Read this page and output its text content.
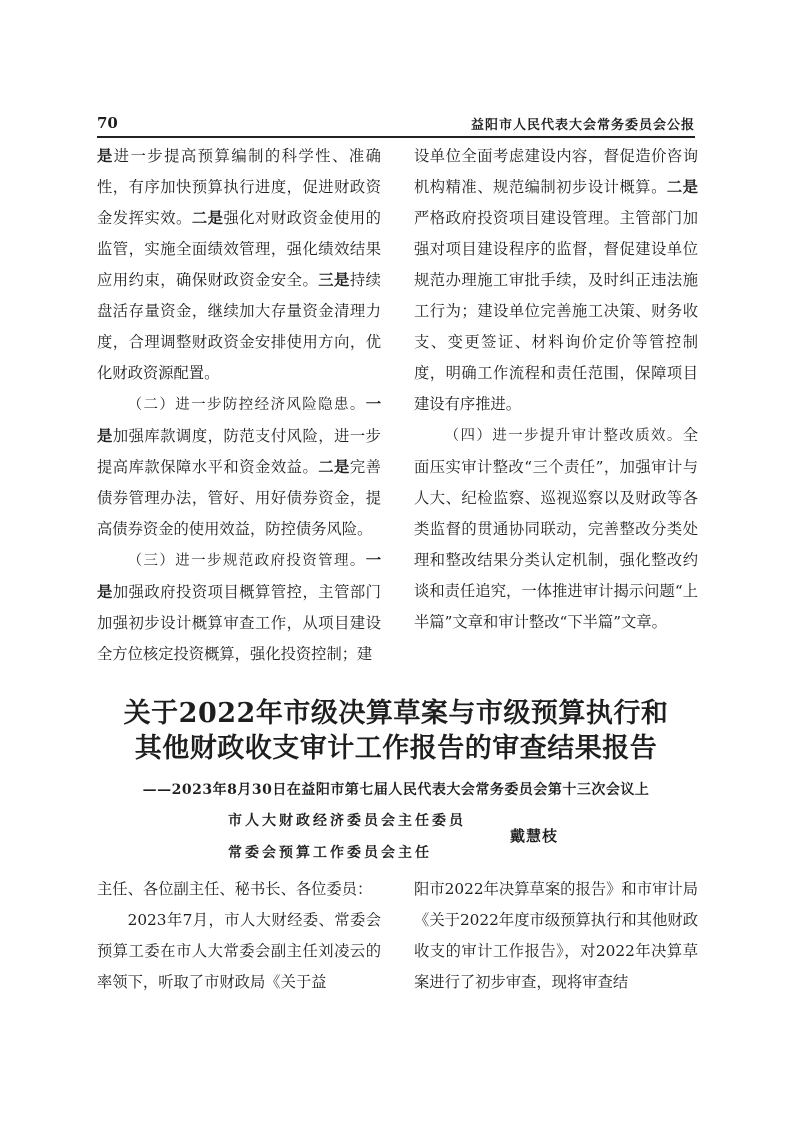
70	益阳市人民代表大会常务委员会公报

是进一步提高预算编制的科学性、准确性，有序加快预算执行进度，促进财政资金发挥实效。二是强化对财政资金使用的监管，实施全面绩效管理，强化绩效结果应用约束，确保财政资金安全。三是持续盘活存量资金，继续加大存量资金清理力度，合理调整财政资金安排使用方向，优化财政资源配置。

（二）进一步防控经济风险隐患。一是加强库款调度，防范支付风险，进一步提高库款保障水平和资金效益。二是完善债券管理办法，管好、用好债券资金，提高债券资金的使用效益，防控债务风险。

（三）进一步规范政府投资管理。一是加强政府投资项目概算管控，主管部门加强初步设计概算审查工作，从项目建设全方位核定投资概算，强化投资控制；建

设单位全面考虑建设内容，督促造价咨询机构精准、规范编制初步设计概算。二是严格政府投资项目建设管理。主管部门加强对项目建设程序的监督，督促建设单位规范办理施工审批手续，及时纠正违法施工行为；建设单位完善施工决策、财务收支、变更签证、材料询价定价等管控制度，明确工作流程和责任范围，保障项目建设有序推进。

（四）进一步提升审计整改质效。全面压实审计整改“三个责任”，加强审计与人大、纪检监察、巡视巡察以及财政等各类监督的贯通协同联动，完善整改分类处理和整改结果分类认定机制，强化整改约谈和责任追究，一体推进审计揭示问题“上半篇”文章和审计整改“下半篇”文章。

关于2022年市级决算草案与市级预算执行和

其他财政收支审计工作报告的审查结果报告

——2023年8月30日在益阳市第七届人民代表大会常务委员会第十三次会议上
市人大财政经济委员会主任委员
常委会预算工作委员会主任
戴慧枝

主任、各位副主任、秘书长、各位委员：

2023年7月，市人大财经委、常委会预算工委在市人大常委会副主任刘凌云的率领下，听取了市财政局《关于益

阳市2022年决算草案的报告》和市审计局《关于2022年度市级预算执行和其他财政收支的审计工作报告》，对2022年决算草案进行了初步审查，现将审查结
